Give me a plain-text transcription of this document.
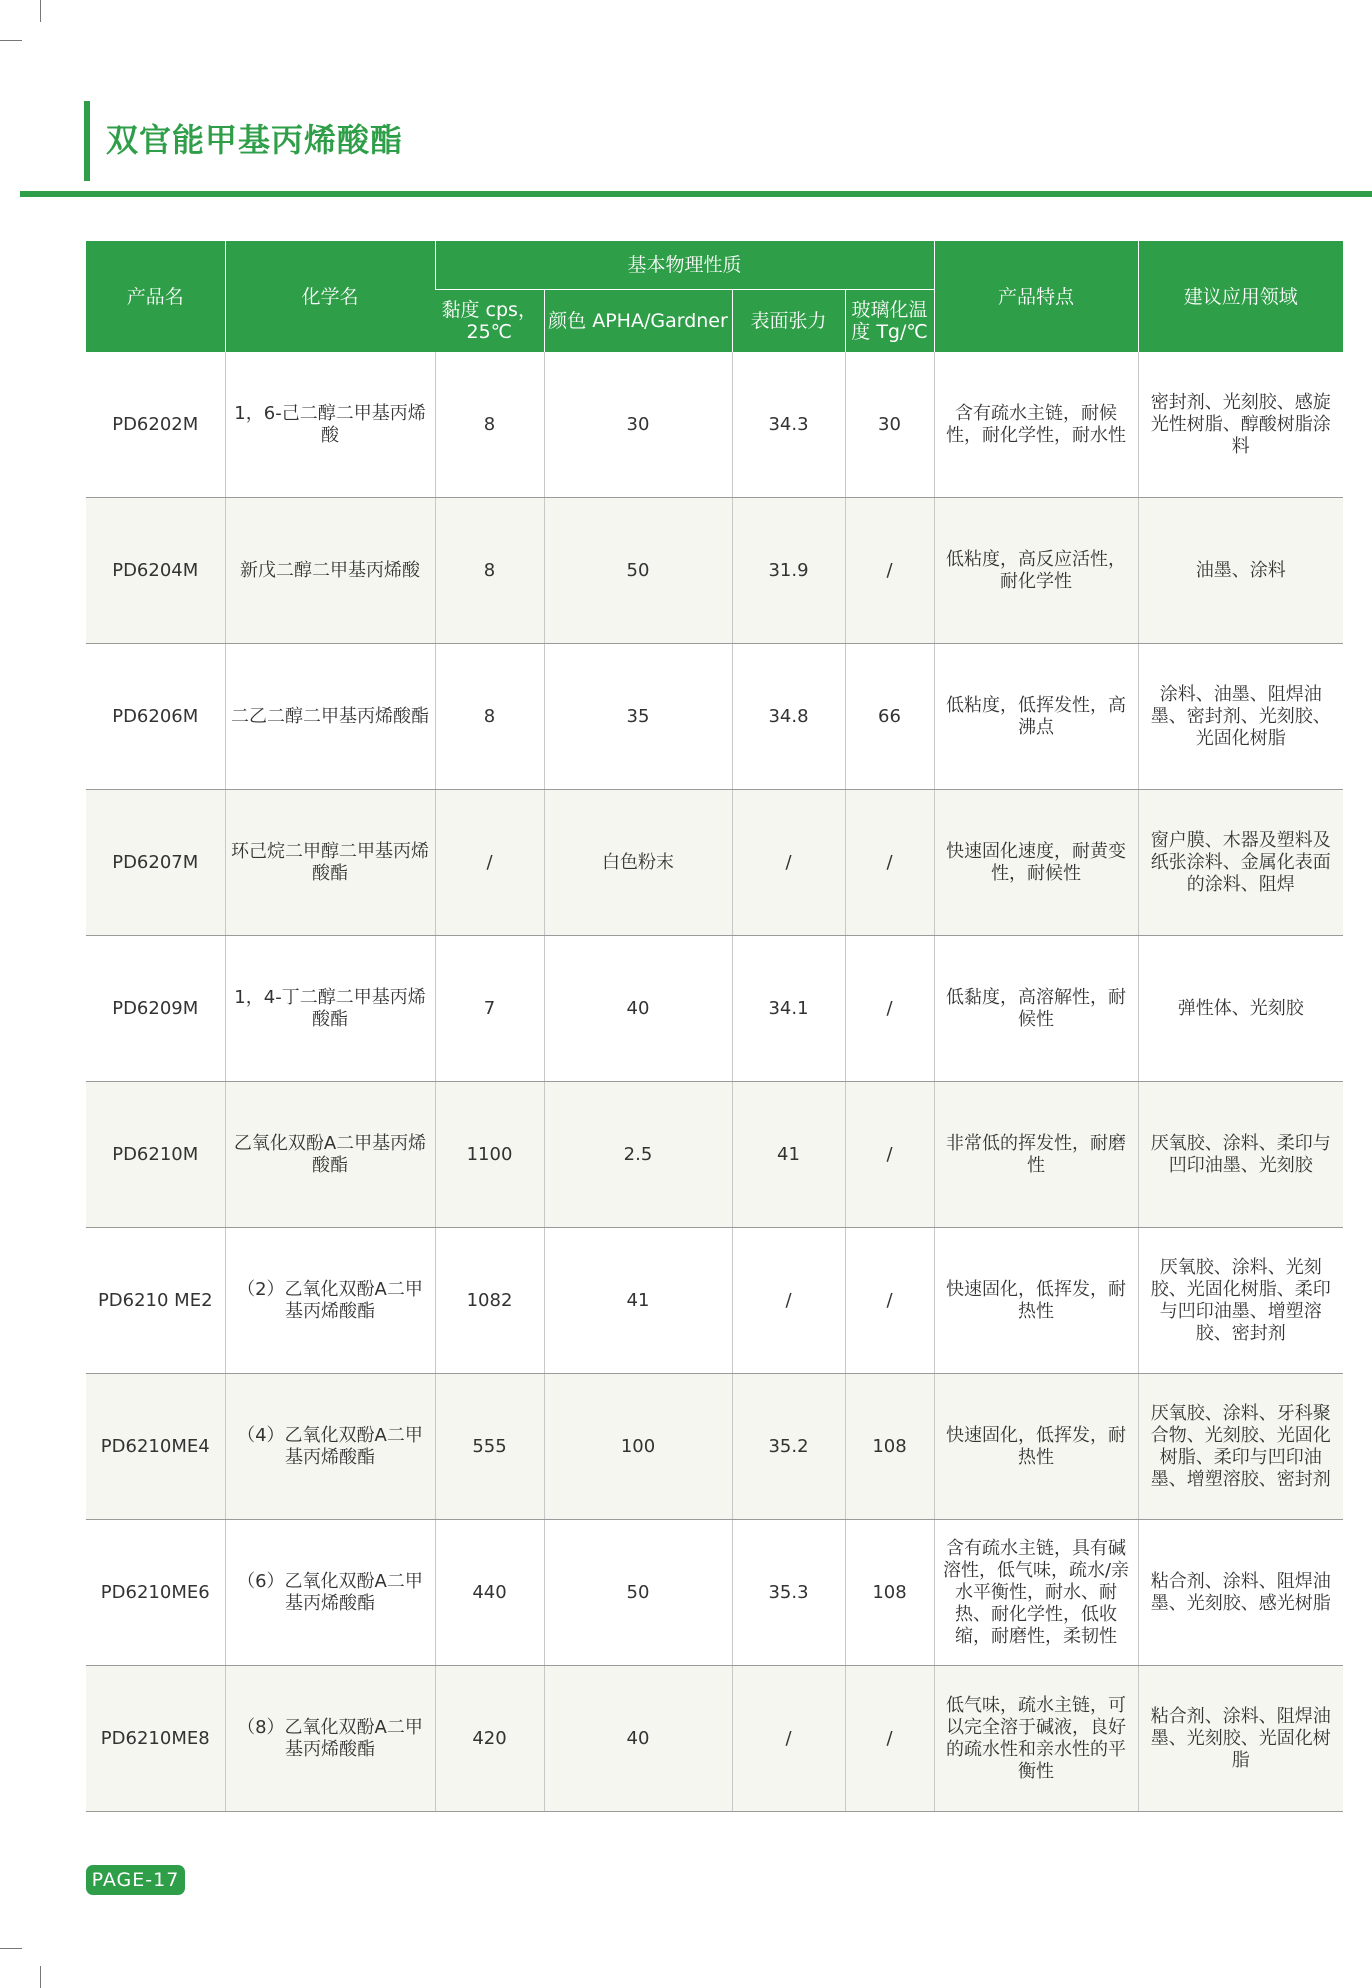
双官能甲基丙烯酸酯
产品名	化学名	基本物理性质				产品特点	建议应用领域
		黏度 cps，25℃	颜色 APHA/Gardner	表面张力	玻璃化温度 Tg/℃		
PD6202M	1，6-己二醇二甲基丙烯酸	8	30	34.3	30	含有疏水主链，耐候性，耐化学性，耐水性	密封剂、光刻胶、感旋光性树脂、醇酸树脂涂料
PD6204M	新戊二醇二甲基丙烯酸	8	50	31.9	/	低粘度，高反应活性，耐化学性	油墨、涂料
PD6206M	二乙二醇二甲基丙烯酸酯	8	35	34.8	66	低粘度，低挥发性，高沸点	涂料、油墨、阻焊油墨、密封剂、光刻胶、光固化树脂
PD6207M	环己烷二甲醇二甲基丙烯酸酯	/	白色粉末	/	/	快速固化速度，耐黄变性，耐候性	窗户膜、木器及塑料及纸张涂料、金属化表面的涂料、阻焊
PD6209M	1，4-丁二醇二甲基丙烯酸酯	7	40	34.1	/	低黏度，高溶解性，耐候性	弹性体、光刻胶
PD6210M	乙氧化双酚A二甲基丙烯酸酯	1100	2.5	41	/	非常低的挥发性，耐磨性	厌氧胶、涂料、柔印与凹印油墨、光刻胶
PD6210 ME2	（2）乙氧化双酚A二甲基丙烯酸酯	1082	41	/	/	快速固化，低挥发，耐热性	厌氧胶、涂料、光刻胶、光固化树脂、柔印与凹印油墨、增塑溶胶、密封剂
PD6210ME4	（4）乙氧化双酚A二甲基丙烯酸酯	555	100	35.2	108	快速固化，低挥发，耐热性	厌氧胶、涂料、牙科聚合物、光刻胶、光固化树脂、柔印与凹印油墨、增塑溶胶、密封剂
PD6210ME6	（6）乙氧化双酚A二甲基丙烯酸酯	440	50	35.3	108	含有疏水主链，具有碱溶性，低气味，疏水/亲水平衡性，耐水、耐热、耐化学性，低收缩，耐磨性，柔韧性	粘合剂、涂料、阻焊油墨、光刻胶、感光树脂
PD6210ME8	（8）乙氧化双酚A二甲基丙烯酸酯	420	40	/	/	低气味，疏水主链，可以完全溶于碱液，良好的疏水性和亲水性的平衡性	粘合剂、涂料、阻焊油墨、光刻胶、光固化树脂
PAGE-17
